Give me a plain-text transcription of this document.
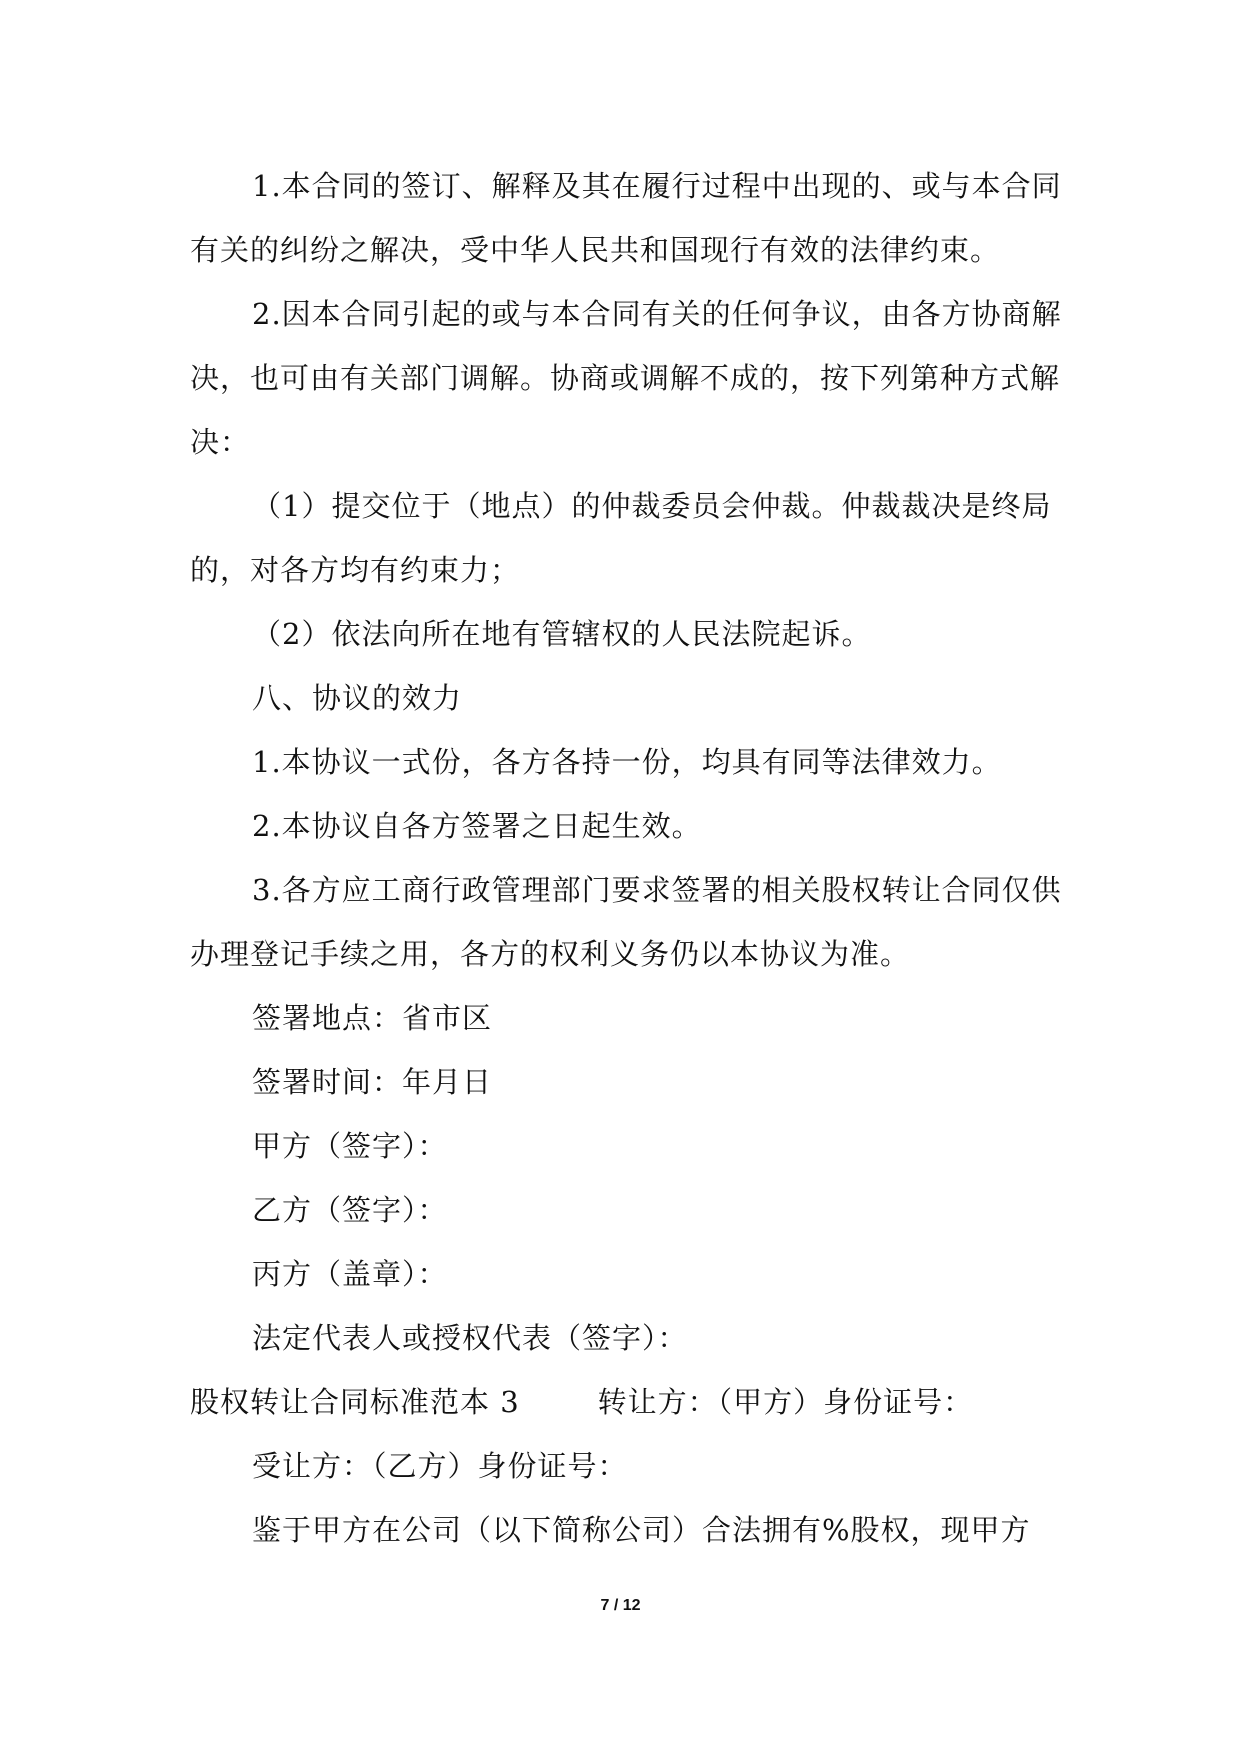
1.本合同的签订、解释及其在履行过程中出现的、或与本合同有关的纠纷之解决，受中华人民共和国现行有效的法律约束。

2.因本合同引起的或与本合同有关的任何争议，由各方协商解决，也可由有关部门调解。协商或调解不成的，按下列第种方式解决：

（1）提交位于（地点）的仲裁委员会仲裁。仲裁裁决是终局的，对各方均有约束力；

（2）依法向所在地有管辖权的人民法院起诉。

八、协议的效力

1.本协议一式份，各方各持一份，均具有同等法律效力。

2.本协议自各方签署之日起生效。

3.各方应工商行政管理部门要求签署的相关股权转让合同仅供办理登记手续之用，各方的权利义务仍以本协议为准。

签署地点：省市区

签署时间：年月日

甲方（签字）：

乙方（签字）：

丙方（盖章）：

法定代表人或授权代表（签字）：

股权转让合同标准范本 3	转让方：（甲方）身份证号：

受让方：（乙方）身份证号：

鉴于甲方在公司（以下简称公司）合法拥有%股权，现甲方

7 / 12
